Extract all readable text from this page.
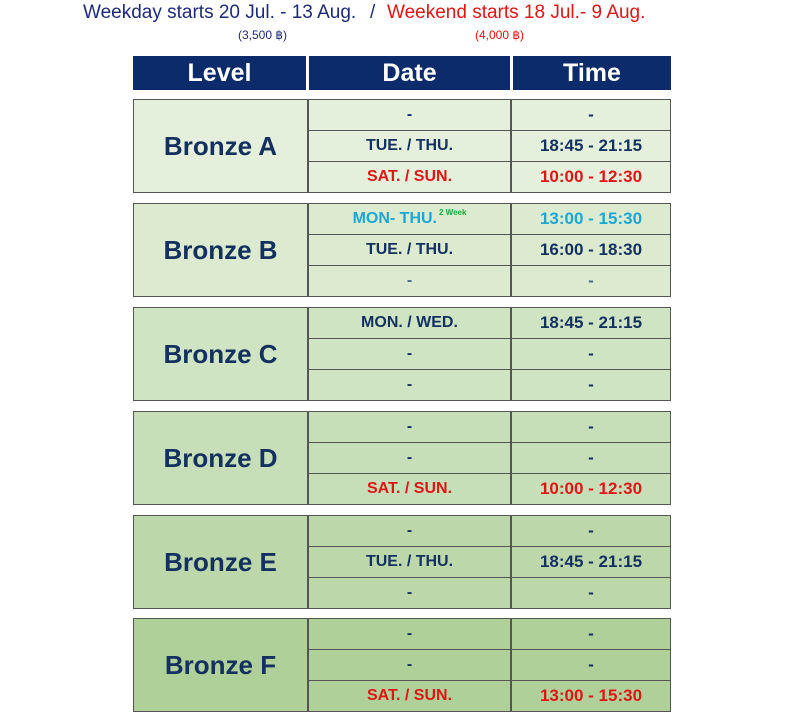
Weekday starts 20 Jul. - 13 Aug. / Weekend starts 18 Jul.- 9 Aug.
(3,500 ฿)	(4,000 ฿)
Level	Date	Time
Bronze A
-	-
TUE. / THU.	18:45 - 21:15
SAT. / SUN.	10:00 - 12:30
Bronze B
MON- THU. 2 Week	13:00 - 15:30
TUE. / THU.	16:00 - 18:30
-	-
Bronze C
MON. / WED.	18:45 - 21:15
-	-
-	-
Bronze D
-	-
-	-
SAT. / SUN.	10:00 - 12:30
Bronze E
-	-
TUE. / THU.	18:45 - 21:15
-	-
Bronze F
-	-
-	-
SAT. / SUN.	13:00 - 15:30
